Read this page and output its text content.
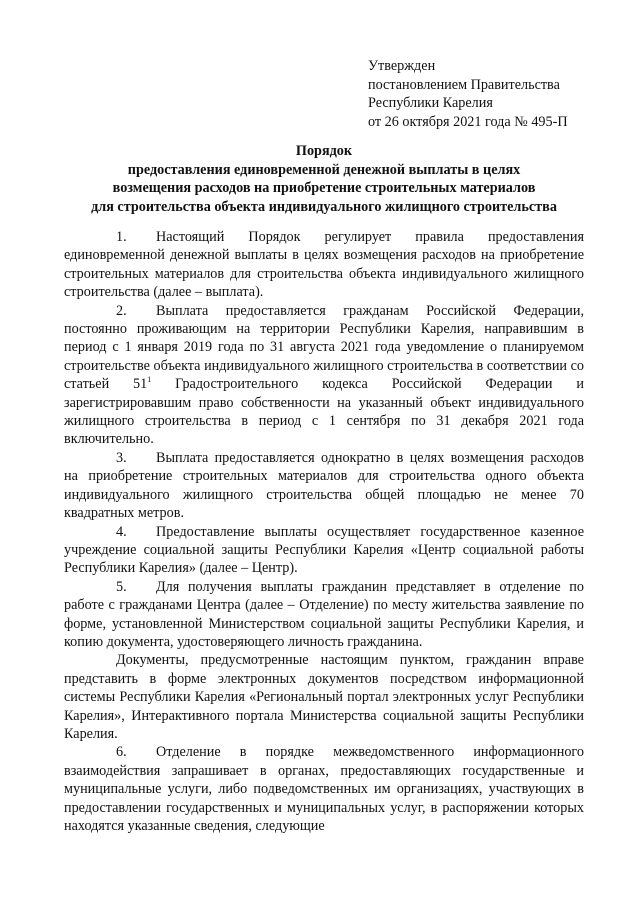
Утвержден
постановлением Правительства
Республики Карелия
от 26 октября 2021 года № 495-П
Порядок
предоставления единовременной денежной выплаты в целях
возмещения расходов на приобретение строительных материалов
для строительства объекта индивидуального жилищного строительства

1. Настоящий Порядок регулирует правила предоставления единовременной денежной выплаты в целях возмещения расходов на приобретение строительных материалов для строительства объекта индивидуального жилищного строительства (далее – выплата).

2. Выплата предоставляется гражданам Российской Федерации, постоянно проживающим на территории Республики Карелия, направившим в период с 1 января 2019 года по 31 августа 2021 года уведомление о планируемом строительстве объекта индивидуального жилищного строительства в соответствии со статьей $51^1$ Градостроительного кодекса Российской Федерации и зарегистрировавшим право собственности на указанный объект индивидуального жилищного строительства в период с 1 сентября по 31 декабря 2021 года включительно.

3. Выплата предоставляется однократно в целях возмещения расходов на приобретение строительных материалов для строительства одного объекта индивидуального жилищного строительства общей площадью не менее 70 квадратных метров.

4. Предоставление выплаты осуществляет государственное казенное учреждение социальной защиты Республики Карелия «Центр социальной работы Республики Карелия» (далее – Центр).

5. Для получения выплаты гражданин представляет в отделение по работе с гражданами Центра (далее – Отделение) по месту жительства заявление по форме, установленной Министерством социальной защиты Республики Карелия, и копию документа, удостоверяющего личность гражданина.

Документы, предусмотренные настоящим пунктом, гражданин вправе представить в форме электронных документов посредством информационной системы Республики Карелия «Региональный портал электронных услуг Республики Карелия», Интерактивного портала Министерства социальной защиты Республики Карелия.

6. Отделение в порядке межведомственного информационного взаимодействия запрашивает в органах, предоставляющих государственные и муниципальные услуги, либо подведомственных им организациях, участвующих в предоставлении государственных и муниципальных услуг, в распоряжении которых находятся указанные сведения, следующие
